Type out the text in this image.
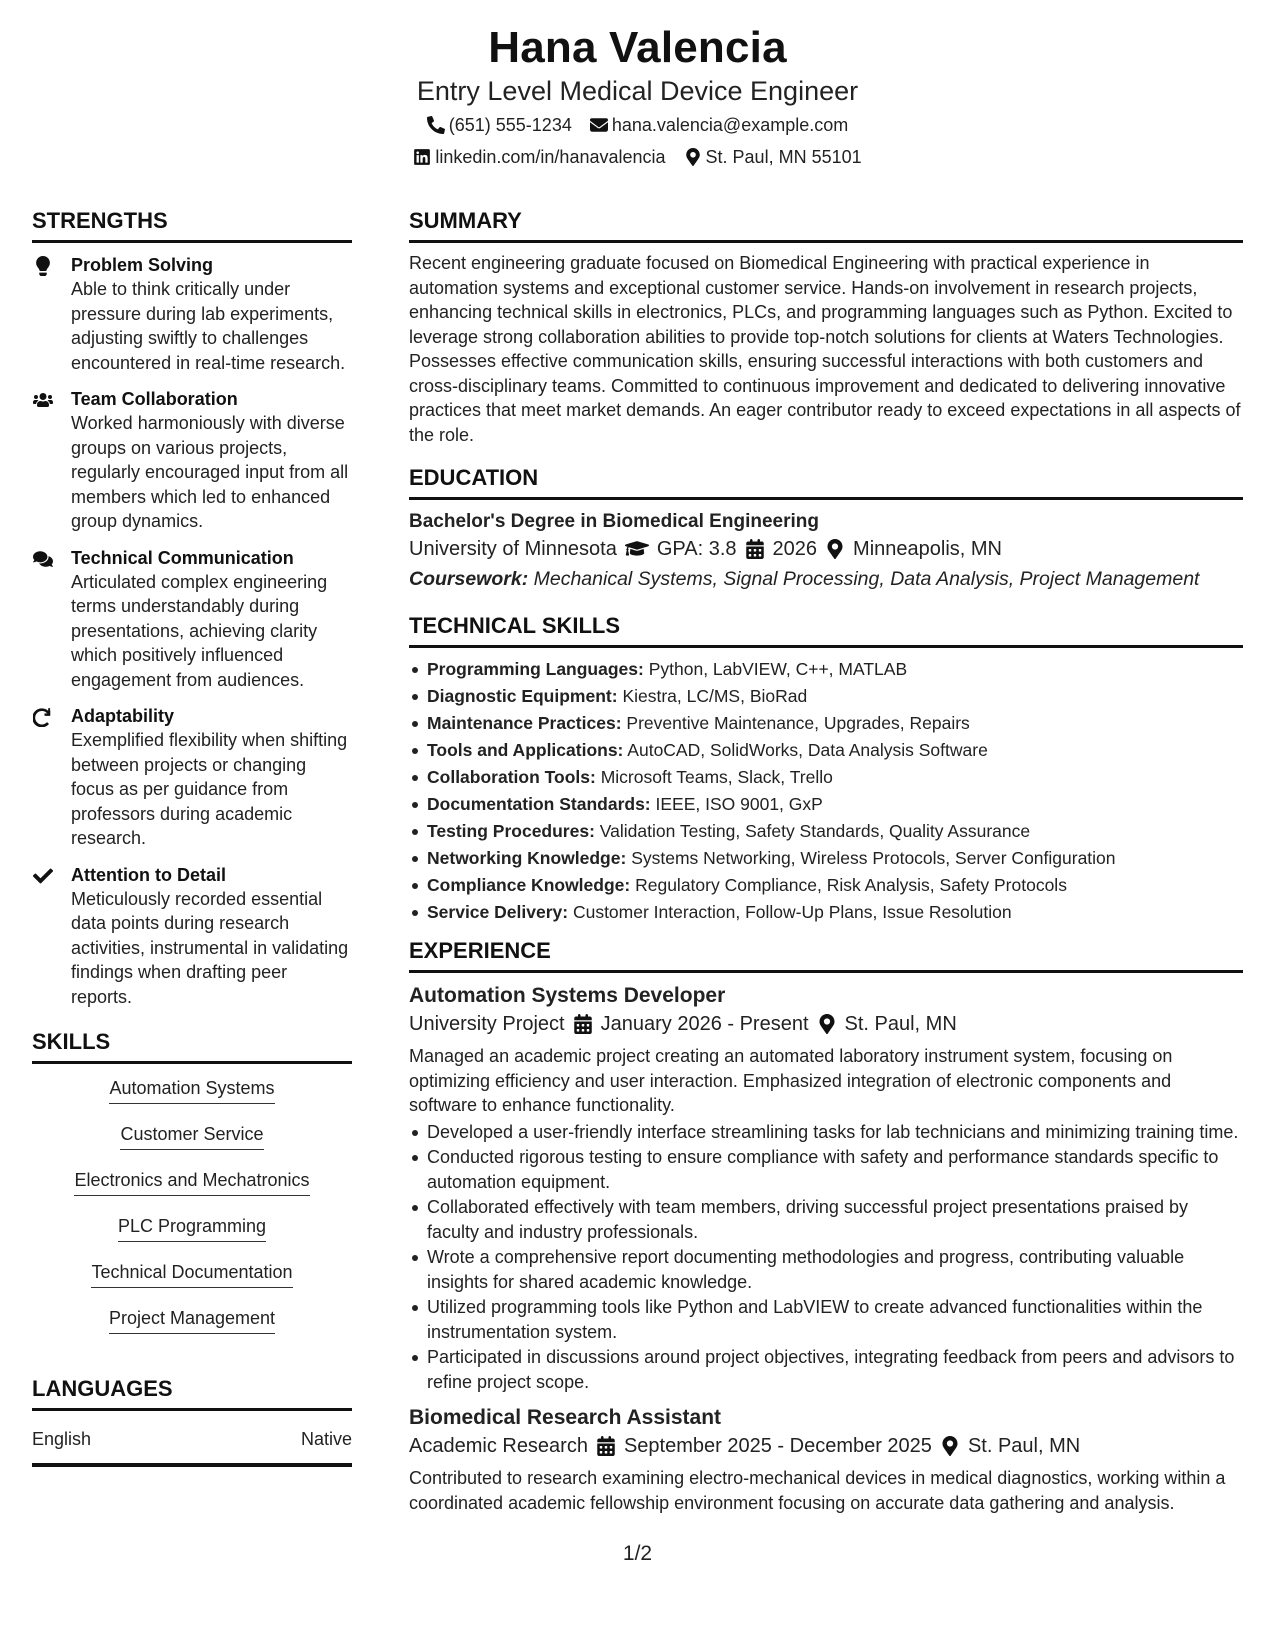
Hana Valencia
Entry Level Medical Device Engineer
(651) 555-1234 hana.valencia@example.com
linkedin.com/in/hanavalencia St. Paul, MN 55101
STRENGTHS
Problem Solving
Able to think critically under pressure during lab experiments, adjusting swiftly to challenges encountered in real-time research.
Team Collaboration
Worked harmoniously with diverse groups on various projects, regularly encouraged input from all members which led to enhanced group dynamics.
Technical Communication
Articulated complex engineering terms understandably during presentations, achieving clarity which positively influenced engagement from audiences.
Adaptability
Exemplified flexibility when shifting between projects or changing focus as per guidance from professors during academic research.
Attention to Detail
Meticulously recorded essential data points during research activities, instrumental in validating findings when drafting peer reports.
SKILLS
Automation Systems
Customer Service
Electronics and Mechatronics
PLC Programming
Technical Documentation
Project Management
LANGUAGES
English	Native
SUMMARY
Recent engineering graduate focused on Biomedical Engineering with practical experience in automation systems and exceptional customer service. Hands-on involvement in research projects, enhancing technical skills in electronics, PLCs, and programming languages such as Python. Excited to leverage strong collaboration abilities to provide top-notch solutions for clients at Waters Technologies. Possesses effective communication skills, ensuring successful interactions with both customers and cross-disciplinary teams. Committed to continuous improvement and dedicated to delivering innovative practices that meet market demands. An eager contributor ready to exceed expectations in all aspects of the role.
EDUCATION
Bachelor's Degree in Biomedical Engineering
University of Minnesota GPA: 3.8 2026 Minneapolis, MN
Coursework: Mechanical Systems, Signal Processing, Data Analysis, Project Management
TECHNICAL SKILLS
Programming Languages: Python, LabVIEW, C++, MATLAB
Diagnostic Equipment: Kiestra, LC/MS, BioRad
Maintenance Practices: Preventive Maintenance, Upgrades, Repairs
Tools and Applications: AutoCAD, SolidWorks, Data Analysis Software
Collaboration Tools: Microsoft Teams, Slack, Trello
Documentation Standards: IEEE, ISO 9001, GxP
Testing Procedures: Validation Testing, Safety Standards, Quality Assurance
Networking Knowledge: Systems Networking, Wireless Protocols, Server Configuration
Compliance Knowledge: Regulatory Compliance, Risk Analysis, Safety Protocols
Service Delivery: Customer Interaction, Follow-Up Plans, Issue Resolution
EXPERIENCE
Automation Systems Developer
University Project January 2026 - Present St. Paul, MN
Managed an academic project creating an automated laboratory instrument system, focusing on optimizing efficiency and user interaction. Emphasized integration of electronic components and software to enhance functionality.
Developed a user-friendly interface streamlining tasks for lab technicians and minimizing training time.
Conducted rigorous testing to ensure compliance with safety and performance standards specific to automation equipment.
Collaborated effectively with team members, driving successful project presentations praised by faculty and industry professionals.
Wrote a comprehensive report documenting methodologies and progress, contributing valuable insights for shared academic knowledge.
Utilized programming tools like Python and LabVIEW to create advanced functionalities within the instrumentation system.
Participated in discussions around project objectives, integrating feedback from peers and advisors to refine project scope.
Biomedical Research Assistant
Academic Research September 2025 - December 2025 St. Paul, MN
Contributed to research examining electro-mechanical devices in medical diagnostics, working within a coordinated academic fellowship environment focusing on accurate data gathering and analysis.
1/2
